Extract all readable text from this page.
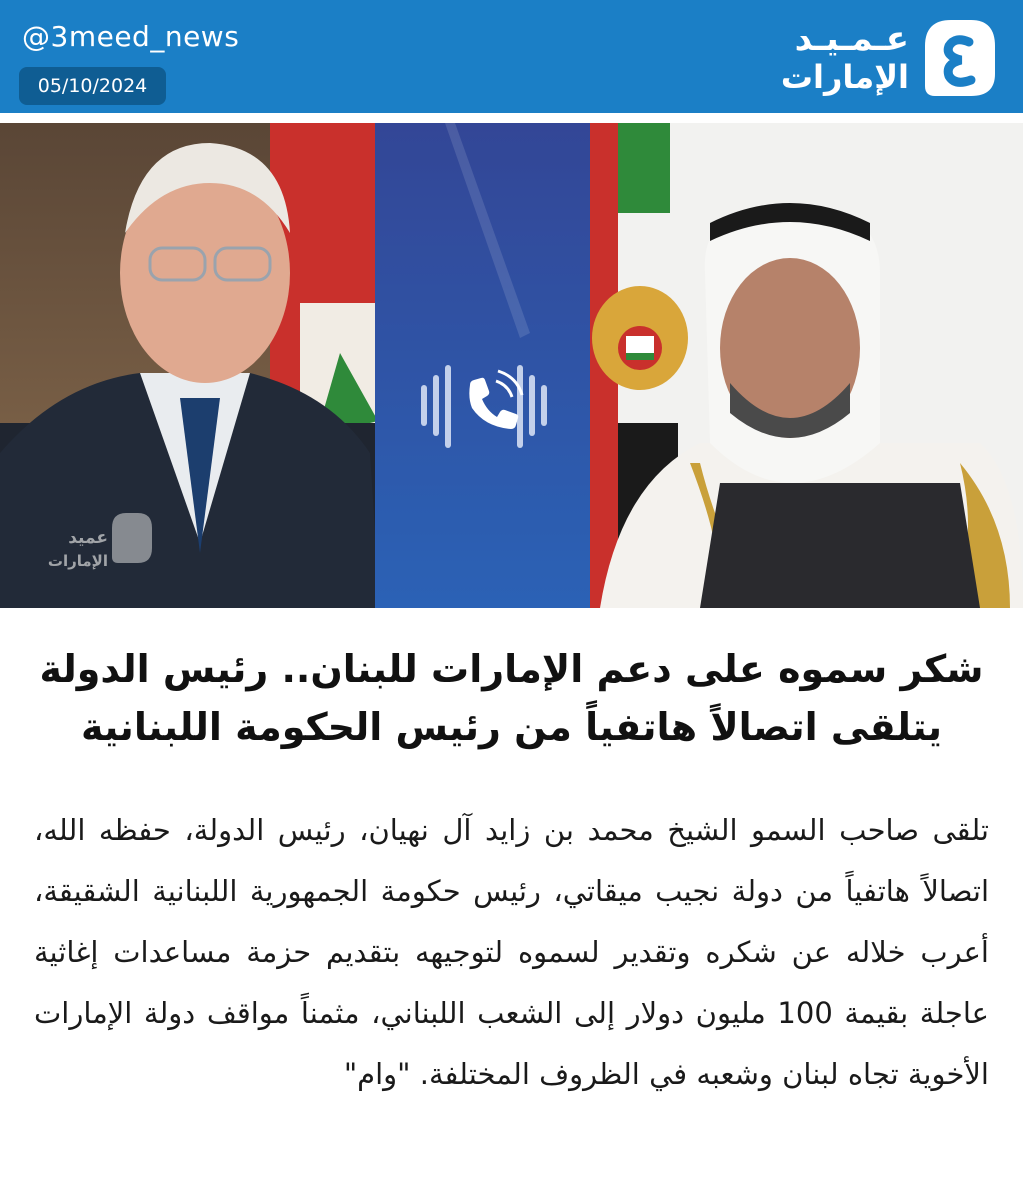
@3meed_news
05/10/2024
عـمـيـد
الإمارات
عميد
الإمارات
شكر سموه على دعم الإمارات للبنان.. رئيس الدولة يتلقى اتصالاً هاتفياً من رئيس الحكومة اللبنانية
تلقى صاحب السمو الشيخ محمد بن زايد آل نهيان، رئيس الدولة، حفظه الله، اتصالاً هاتفياً من دولة نجيب ميقاتي، رئيس حكومة الجمهورية اللبنانية الشقيقة، أعرب خلاله عن شكره وتقدير لسموه لتوجيهه بتقديم حزمة مساعدات إغاثية عاجلة بقيمة 100 مليون دولار إلى الشعب اللبناني، مثمناً مواقف دولة الإمارات الأخوية تجاه لبنان وشعبه في الظروف المختلفة. "وام"
